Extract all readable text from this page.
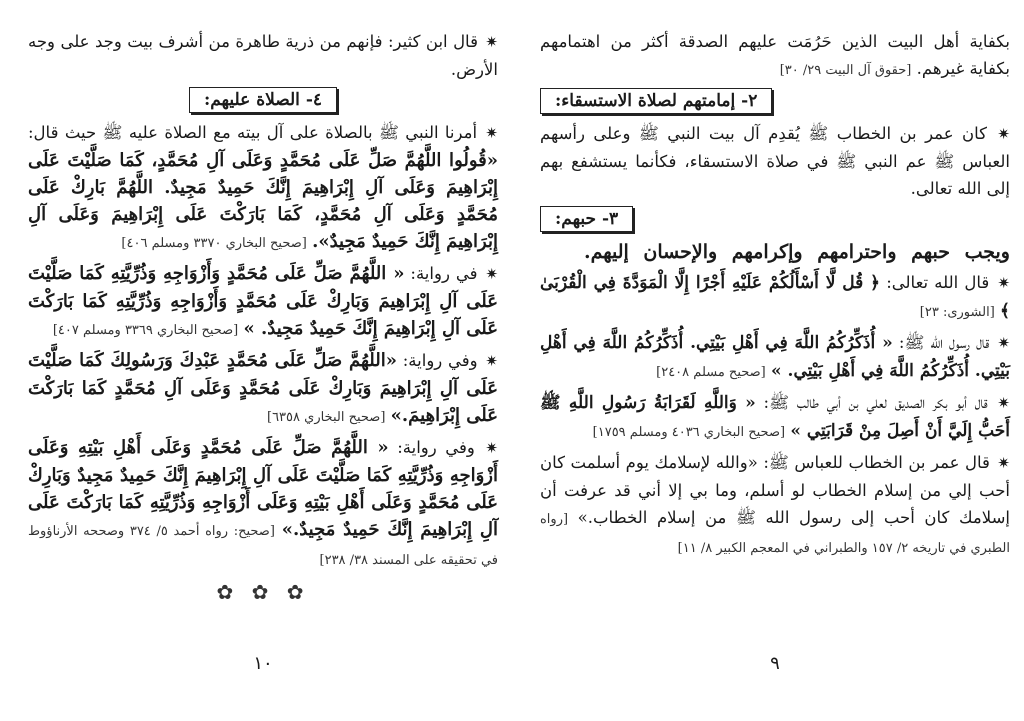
✷ قال ابن كثير: فإنهم من ذرية طاهرة من أشرف بيت وجد على وجه الأرض.

٤- الصلاة عليهم:

✷ أمرنا النبي ﷺ بالصلاة على آل بيته مع الصلاة عليه ﷺ حيث قال: «قُولُوا اللَّهُمَّ صَلِّ عَلَى مُحَمَّدٍ وَعَلَى آلِ مُحَمَّدٍ، كَمَا صَلَّيْتَ عَلَى إِبْرَاهِيمَ وَعَلَى آلِ إِبْرَاهِيمَ إِنَّكَ حَمِيدٌ مَجِيدٌ. اللَّهُمَّ بَارِكْ عَلَى مُحَمَّدٍ وَعَلَى آلِ مُحَمَّدٍ، كَمَا بَارَكْتَ عَلَى إِبْرَاهِيمَ وَعَلَى آلِ إِبْرَاهِيمَ إِنَّكَ حَمِيدٌ مَجِيدٌ». [صحيح البخاري ٣٣٧٠ ومسلم ٤٠٦]

✷ في رواية: « اللَّهُمَّ صَلِّ عَلَى مُحَمَّدٍ وَأَزْوَاجِهِ وَذُرِّيَّتِهِ كَمَا صَلَّيْتَ عَلَى آلِ إِبْرَاهِيمَ وَبَارِكْ عَلَى مُحَمَّدٍ وَأَزْوَاجِهِ وَذُرِّيَّتِهِ كَمَا بَارَكْتَ عَلَى آلِ إِبْرَاهِيمَ إِنَّكَ حَمِيدٌ مَجِيدٌ. » [صحيح البخاري ٣٣٦٩ ومسلم ٤٠٧]

✷ وفي رواية: «اللَّهُمَّ صَلِّ عَلَى مُحَمَّدٍ عَبْدِكَ وَرَسُولِكَ كَمَا صَلَّيْتَ عَلَى آلِ إِبْرَاهِيمَ وَبَارِكْ عَلَى مُحَمَّدٍ وَعَلَى آلِ مُحَمَّدٍ كَمَا بَارَكْتَ عَلَى إِبْرَاهِيمَ.» [صحيح البخاري ٦٣٥٨]

✷ وفي رواية: « اللَّهُمَّ صَلِّ عَلَى مُحَمَّدٍ وَعَلَى أَهْلِ بَيْتِهِ وَعَلَى أَزْوَاجِهِ وَذُرِّيَّتِهِ كَمَا صَلَّيْتَ عَلَى آلِ إِبْرَاهِيمَ إِنَّكَ حَمِيدٌ مَجِيدٌ وَبَارِكْ عَلَى مُحَمَّدٍ وَعَلَى أَهْلِ بَيْتِهِ وَعَلَى أَزْوَاجِهِ وَذُرِّيَّتِهِ كَمَا بَارَكْتَ عَلَى آلِ إِبْرَاهِيمَ إِنَّكَ حَمِيدٌ مَجِيدٌ.» [صحيح: رواه أحمد ٥/ ٣٧٤ وصححه الأرناؤوط في تحقيقه على المسند ٣٨/ ٢٣٨]

✿ ✿ ✿
١٠

بكفاية أهل البيت الذين حَرُمَت عليهم الصدقة أكثر من اهتمامهم بكفاية غيرهم. [حقوق آل البيت ٢٩/ ٣٠]

٢- إمامتهم لصلاة الاستسقاء:

✷ كان عمر بن الخطاب ﷺ يُقدِم آل بيت النبي ﷺ وعلى رأسهم العباس ﷺ عم النبي ﷺ في صلاة الاستسقاء، فكأنما يستشفع بهم إلى الله تعالى.

٣- حبهم:

ويجب حبهم واحترامهم وإكرامهم والإحسان إليهم.

✷ قال الله تعالى: ﴿ قُل لَّا أَسْأَلُكُمْ عَلَيْهِ أَجْرًا إِلَّا الْمَوَدَّةَ فِي الْقُرْبَىٰ ﴾ [الشورى: ٢٣]

✷ قال رسول الله ﷺ: « أُذَكِّرُكُمُ اللَّهَ فِي أَهْلِ بَيْتِي. أُذَكِّرُكُمُ اللَّهَ فِي أَهْلِ بَيْتِي. أُذَكِّرُكُمُ اللَّهَ فِي أَهْلِ بَيْتِي. » [صحيح مسلم ٢٤٠٨]

✷ قال أبو بكر الصديق لعلي بن أبي طالب ﷺ: « وَاللَّهِ لَقَرَابَةُ رَسُولِ اللَّهِ ﷺ أَحَبُّ إِلَيَّ أَنْ أَصِلَ مِنْ قَرَابَتِي » [صحيح البخاري ٤٠٣٦ ومسلم ١٧٥٩]

✷ قال عمر بن الخطاب للعباس ﷺ: «والله لإسلامك يوم أسلمت كان أحب إلي من إسلام الخطاب لو أسلم، وما بي إلا أني قد عرفت أن إسلامك كان أحب إلى رسول الله ﷺ من إسلام الخطاب.» [رواه الطبري في تاريخه ٢/ ١٥٧ والطبراني في المعجم الكبير ٨/ ١١]

٩
